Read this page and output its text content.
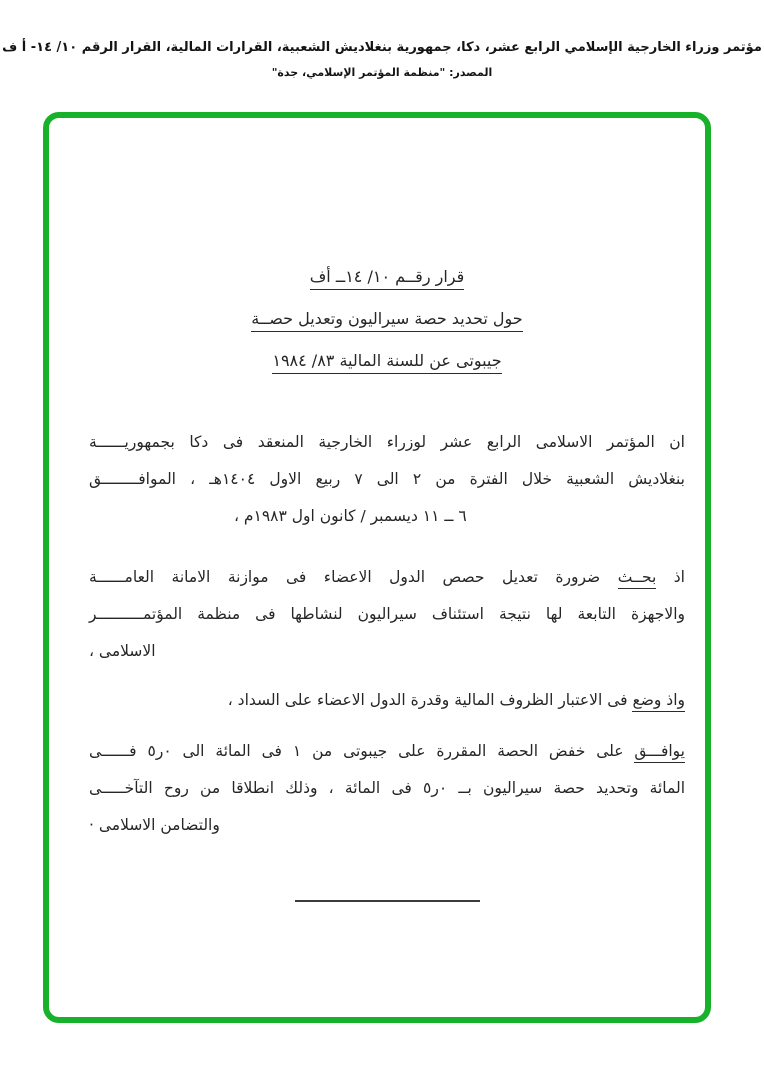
مؤتمر وزراء الخارجية الإسلامي الرابع عشر، دكا، جمهورية بنغلاديش الشعبية، القرارات المالية، القرار الرقم ١٠/ ١٤- أ ف
المصدر: "منظمة المؤتمر الإسلامي، جدة"
قرار رقــم ١٠/ ١٤ــ أف
حول تحديد حصة سيراليون وتعديل حصــة
جيبوتى عن للسنة المالية ٨٣/ ١٩٨٤
ان المؤتمر الاسلامى الرابع عشر لوزراء الخارجية المنعقد فى دكا بجمهوريــــــة
بنغلاديش الشعبية خلال الفترة من ٢ الى ٧ ربيع الاول ١٤٠٤هـ ، الموافــــــــق
٦ ــ ١١ ديسمبر / كانون اول ١٩٨٣م ،
اذ بحــث ضرورة تعديل حصص الدول الاعضاء فى موازنة الامانة العامــــــة
والاجهزة التابعة لها نتيجة استئناف سيراليون لنشاطها فى منظمة المؤتمــــــــــر
الاسلامى ،
واذ وضع فى الاعتبار الظروف المالية وقدرة الدول الاعضاء على السداد ،
يوافـــق على خفض الحصة المقررة على جيبوتى من ١ فى المائة الى ٠ر٥ فــــــى
المائة وتحديد حصة سيراليون بــ ٠ر٥ فى المائة ، وذلك انطلاقا من روح التآخـــــى
والتضامن الاسلامى ·
